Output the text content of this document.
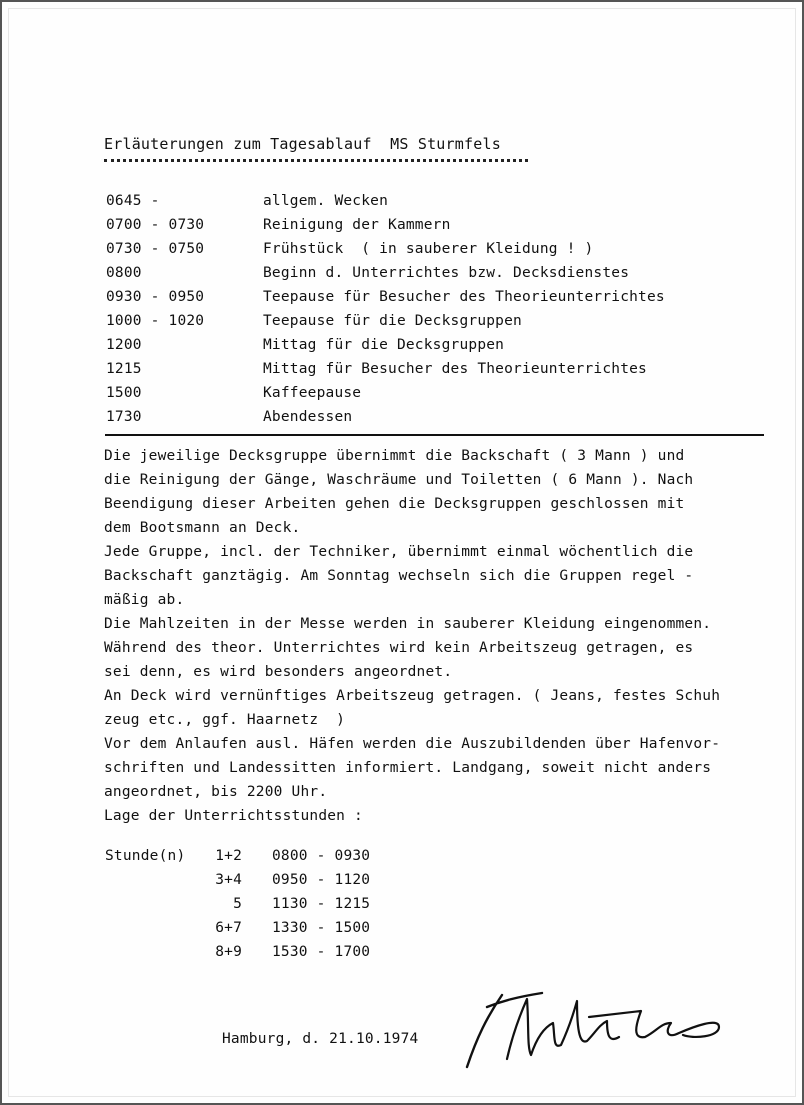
Erläuterungen zum Tagesablauf  MS Sturmfels
0645 -	allgem. Wecken
0700 - 0730	Reinigung der Kammern
0730 - 0750	Frühstück  ( in sauberer Kleidung ! )
0800	Beginn d. Unterrichtes bzw. Decksdienstes
0930 - 0950	Teepause für Besucher des Theorieunterrichtes
1000 - 1020	Teepause für die Decksgruppen
1200	Mittag für die Decksgruppen
1215	Mittag für Besucher des Theorieunterrichtes
1500	Kaffeepause
1730	Abendessen
Die jeweilige Decksgruppe übernimmt die Backschaft ( 3 Mann ) und
die Reinigung der Gänge, Waschräume und Toiletten ( 6 Mann ). Nach
Beendigung dieser Arbeiten gehen die Decksgruppen geschlossen mit
dem Bootsmann an Deck.
Jede Gruppe, incl. der Techniker, übernimmt einmal wöchentlich die
Backschaft ganztägig. Am Sonntag wechseln sich die Gruppen regel -
mäßig ab.
Die Mahlzeiten in der Messe werden in sauberer Kleidung eingenommen.
Während des theor. Unterrichtes wird kein Arbeitszeug getragen, es
sei denn, es wird besonders angeordnet.
An Deck wird vernünftiges Arbeitszeug getragen. ( Jeans, festes Schuh
zeug etc., ggf. Haarnetz  )
Vor dem Anlaufen ausl. Häfen werden die Auszubildenden über Hafenvor-
schriften und Landessitten informiert. Landgang, soweit nicht anders
angeordnet, bis 2200 Uhr.
Lage der Unterrichtsstunden :
Stunde(n)	1+2 0800 - 0930
3+4 0950 - 1120
5 1130 - 1215
6+7 1330 - 1500
8+9 1530 - 1700
Hamburg, d. 21.10.1974
